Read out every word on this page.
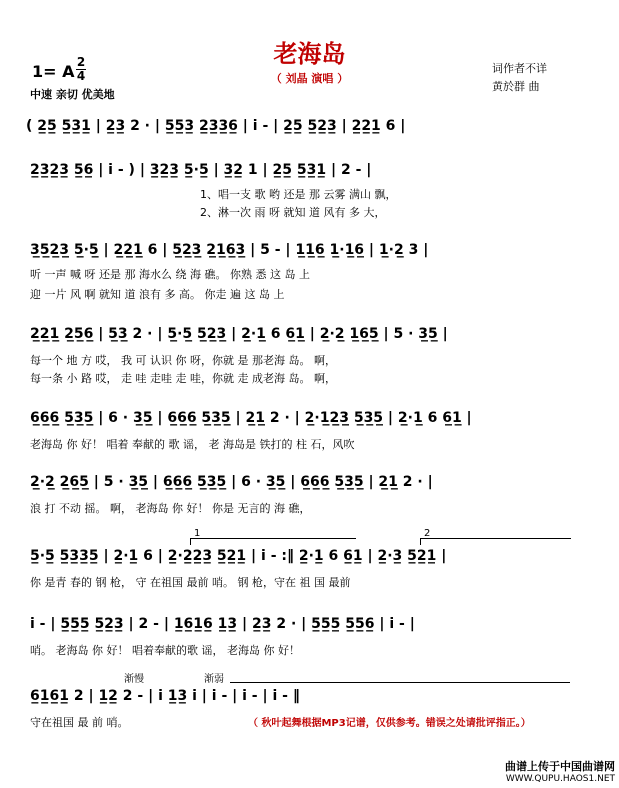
老海岛
（ 刘晶 演唱 ）
1= A 2
4
中速 亲切 优美地
词作者不详
黄於群 曲
( 2̲5̲ 5̲3̲1̲ | 2̲3̲ 2 · | 5̲5̲3̲ 2̲3̲3̲6̲ | i - | 2̲5̲ 5̲2̲3̲ | 2̲2̲1̲ 6 |
2̲3̲2̲3̲ 5̲6̲ | i - ) | 3̲2̲3̲ 5̲·5̲ | 3̲2̲ 1 | 2̲5̲ 5̲3̲1̲ | 2 - |
1、唱一支 歌 哟 还是 那 云雾 满山 飘，
2、淋一次 雨 呀 就知 道 风有 多 大，
3̲5̲2̲3̲ 5̲·5̲ | 2̲2̲1̲ 6 | 5̲2̲3̲ 2̲1̲6̲3̲ | 5 - | 1̲1̲6̲ 1̲·1̲6̲ | 1̲·2̲ 3 |
听 一声 喊 呀 还是 那 海水么 绕 海 礁。 你熟 悉 这 岛 上
迎 一片 风 啊 就知 道 浪有 多 高。 你走 遍 这 岛 上
2̲2̲1̲ 2̲5̲6̲ | 5̲3̲ 2 · | 5̲·5̲ 5̲2̲3̲ | 2̲·1̲ 6 6̲1̲ | 2̲·2̲ 1̲6̲5̲ | 5 · 3̲5̲ |
每一个 地 方 哎， 我 可 认识 你 呀，你就 是 那老海 岛。 啊，
每一条 小 路 哎， 走 哇 走哇 走 哇，你就 走 成老海 岛。 啊，
6̲6̲6̲ 5̲3̲5̲ | 6 · 3̲5̲ | 6̲6̲6̲ 5̲3̲5̲ | 2̲1̲ 2 · | 2̲·1̲2̲3̲ 5̲3̲5̲ | 2̲·1̲ 6 6̲1̲ |
老海岛 你 好！ 唱着 奉献的 歌 谣， 老 海岛是 铁打的 柱 石，风吹
2̲·2̲ 2̲6̲5̲ | 5 · 3̲5̲ | 6̲6̲6̲ 5̲3̲5̲ | 6 · 3̲5̲ | 6̲6̲6̲ 5̲3̲5̲ | 2̲1̲ 2 · |
浪 打 不动 摇。 啊， 老海岛 你 好！ 你是 无言的 海 礁，
1	2
5̲·5̲ 5̲3̲3̲5̲ | 2̲·1̲ 6 | 2̲·2̲2̲3̲ 5̲2̲1̲ | i - :‖ 2̲·1̲ 6 6̲1̲ | 2̲·3̲ 5̲2̲1̲ |
你 是青 春的 钢 枪， 守 在祖国 最前 哨。 钢 枪，守在 祖 国 最前
i - | 5̲5̲5̲ 5̲2̲3̲ | 2 - | 1̲6̲1̲6̲ 1̲3̲ | 2̲3̲ 2 · | 5̲5̲5̲ 5̲5̲6̲ | i - |
哨。 老海岛 你 好！ 唱着奉献的歌 谣， 老海岛 你 好！
渐慢	渐弱
6̲1̲6̲1̲ 2 | 1̲2̲ 2 - | i 1̲3̲ i | i - | i - | i - ‖
守在祖国 最 前 哨。	（ 秋叶起舞根据MP3记谱，仅供参考。错误之处请批评指正。）
曲谱上传于中国曲谱网
WWW.QUPU.HAOS1.NET
